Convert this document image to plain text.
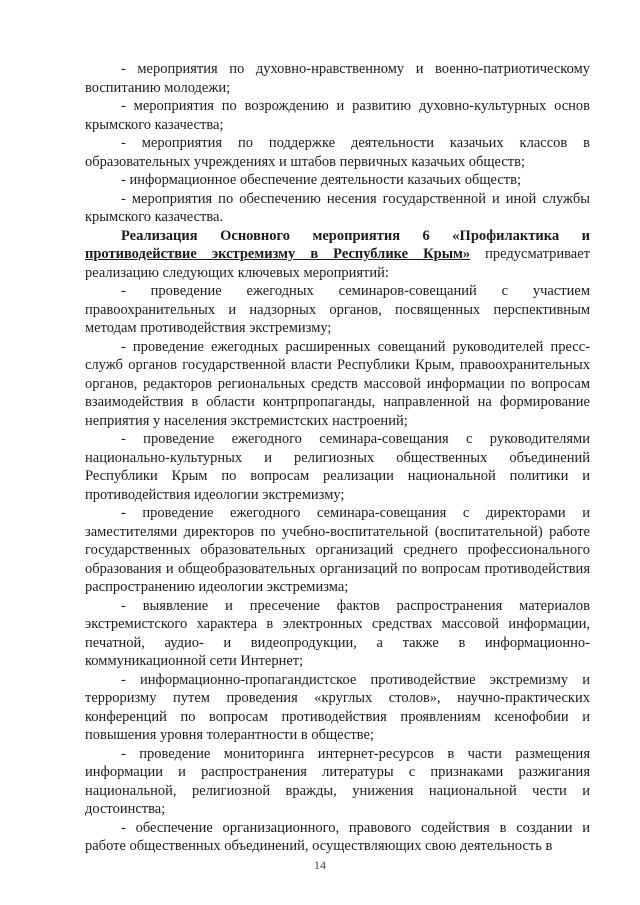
- мероприятия по духовно-нравственному и военно-патриотическому воспитанию молодежи;

- мероприятия по возрождению и развитию духовно-культурных основ крымского казачества;

- мероприятия по поддержке деятельности казачьих классов в образовательных учреждениях и штабов первичных казачьих обществ;

- информационное обеспечение деятельности казачьих обществ;

- мероприятия по обеспечению несения государственной и иной службы крымского казачества.

Реализация Основного мероприятия 6 «Профилактика и противодействие экстремизму в Республике Крым» предусматривает реализацию следующих ключевых мероприятий:

- проведение ежегодных семинаров-совещаний с участием правоохранительных и надзорных органов, посвященных перспективным методам противодействия экстремизму;

- проведение ежегодных расширенных совещаний руководителей пресс-служб органов государственной власти Республики Крым, правоохранительных органов, редакторов региональных средств массовой информации по вопросам взаимодействия в области контрпропаганды, направленной на формирование неприятия у населения экстремистских настроений;

- проведение ежегодного семинара-совещания с руководителями национально-культурных и религиозных общественных объединений Республики Крым по вопросам реализации национальной политики и противодействия идеологии экстремизму;

- проведение ежегодного семинара-совещания с директорами и заместителями директоров по учебно-воспитательной (воспитательной) работе государственных образовательных организаций среднего профессионального образования и общеобразовательных организаций по вопросам противодействия распространению идеологии экстремизма;

- выявление и пресечение фактов распространения материалов экстремистского характера в электронных средствах массовой информации, печатной, аудио- и видеопродукции, а также в информационно-коммуникационной сети Интернет;

- информационно-пропагандистское противодействие экстремизму и терроризму путем проведения «круглых столов», научно-практических конференций по вопросам противодействия проявлениям ксенофобии и повышения уровня толерантности в обществе;

- проведение мониторинга интернет-ресурсов в части размещения информации и распространения литературы с признаками разжигания национальной, религиозной вражды, унижения национальной чести и достоинства;

- обеспечение организационного, правового содействия в создании и работе общественных объединений, осуществляющих свою деятельность в

14
